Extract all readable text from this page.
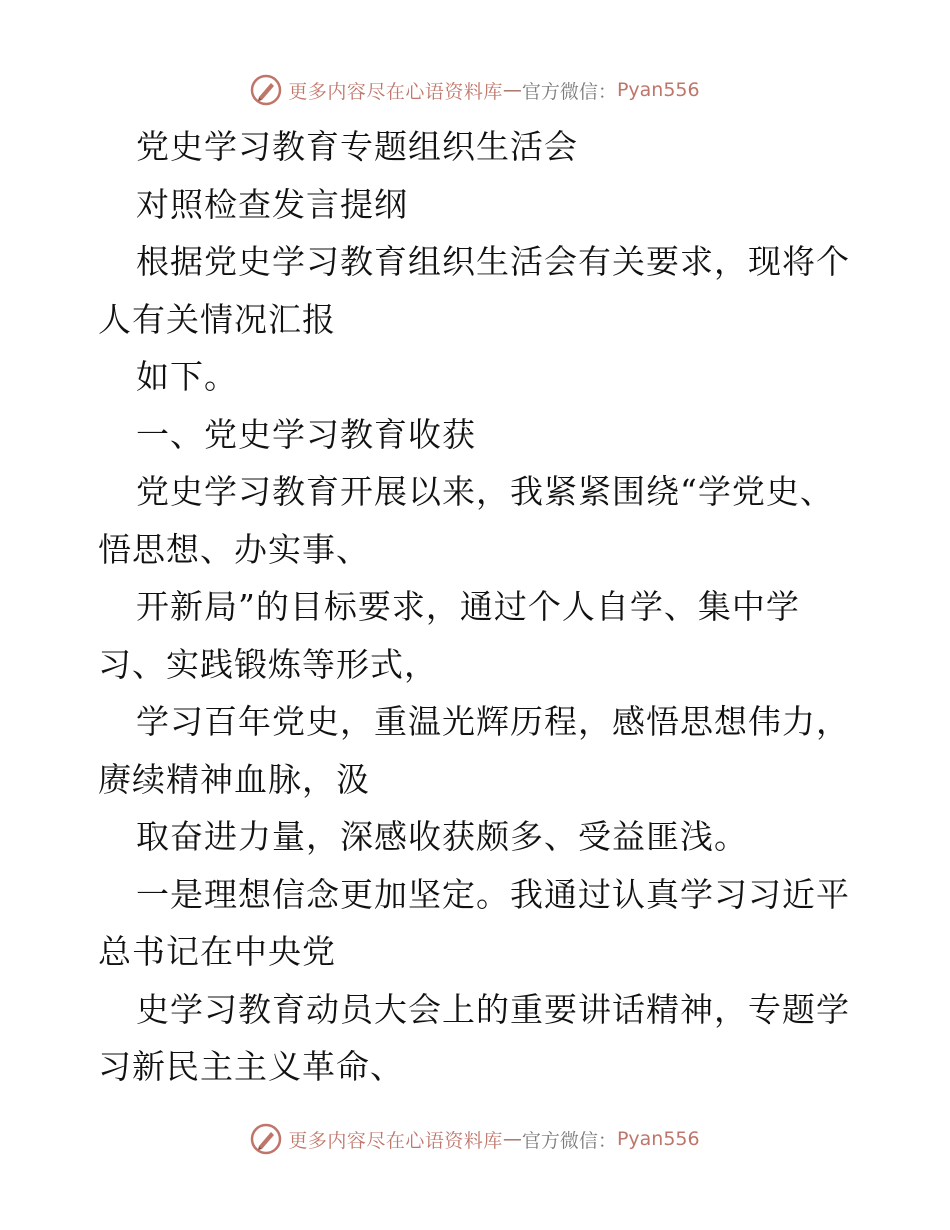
更多内容尽在心语资料库 — 官方微信： Pyan556
党史学习教育专题组织生活会
对照检查发言提纲
根据党史学习教育组织生活会有关要求，现将个
人有关情况汇报
如下。
一、党史学习教育收获
党史学习教育开展以来，我紧紧围绕“学党史、
悟思想、办实事、
开新局”的目标要求，通过个人自学、集中学
习、实践锻炼等形式，
学习百年党史，重温光辉历程，感悟思想伟力，
赓续精神血脉，汲
取奋进力量，深感收获颇多、受益匪浅。
一是理想信念更加坚定。我通过认真学习习近平
总书记在中央党
史学习教育动员大会上的重要讲话精神，专题学
习新民主主义革命、
更多内容尽在心语资料库 — 官方微信： Pyan556
